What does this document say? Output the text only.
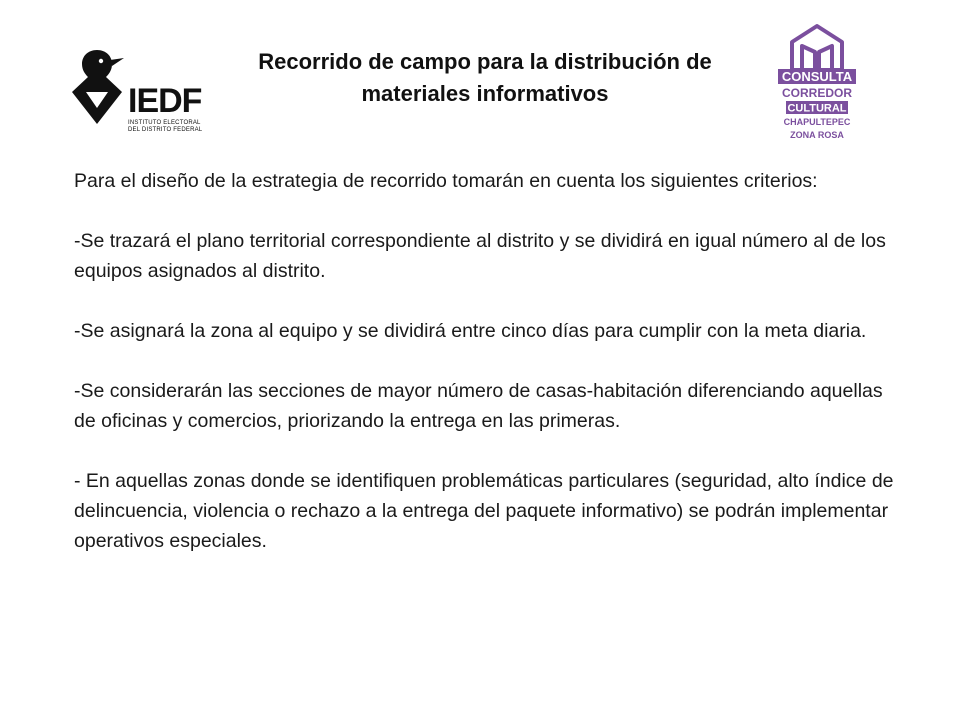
IEDF
INSTITUTO ELECTORAL
DEL DISTRITO FEDERAL
Recorrido de campo para la distribución de
materiales informativos
CONSULTA
CORREDOR
CULTURAL
CHAPULTEPEC
ZONA ROSA

Para el diseño de la estrategia de recorrido tomarán en cuenta los siguientes criterios:

-Se trazará el plano territorial correspondiente al distrito y se dividirá en igual número al de los equipos asignados al distrito.

-Se asignará la zona al equipo y se dividirá entre cinco días para cumplir con la meta diaria.

-Se considerarán las secciones de mayor número de casas-habitación diferenciando aquellas de oficinas y comercios, priorizando la entrega en las primeras.

- En aquellas zonas donde se identifiquen problemáticas particulares (seguridad, alto índice de delincuencia, violencia o rechazo a la entrega del paquete informativo) se podrán implementar operativos especiales.
